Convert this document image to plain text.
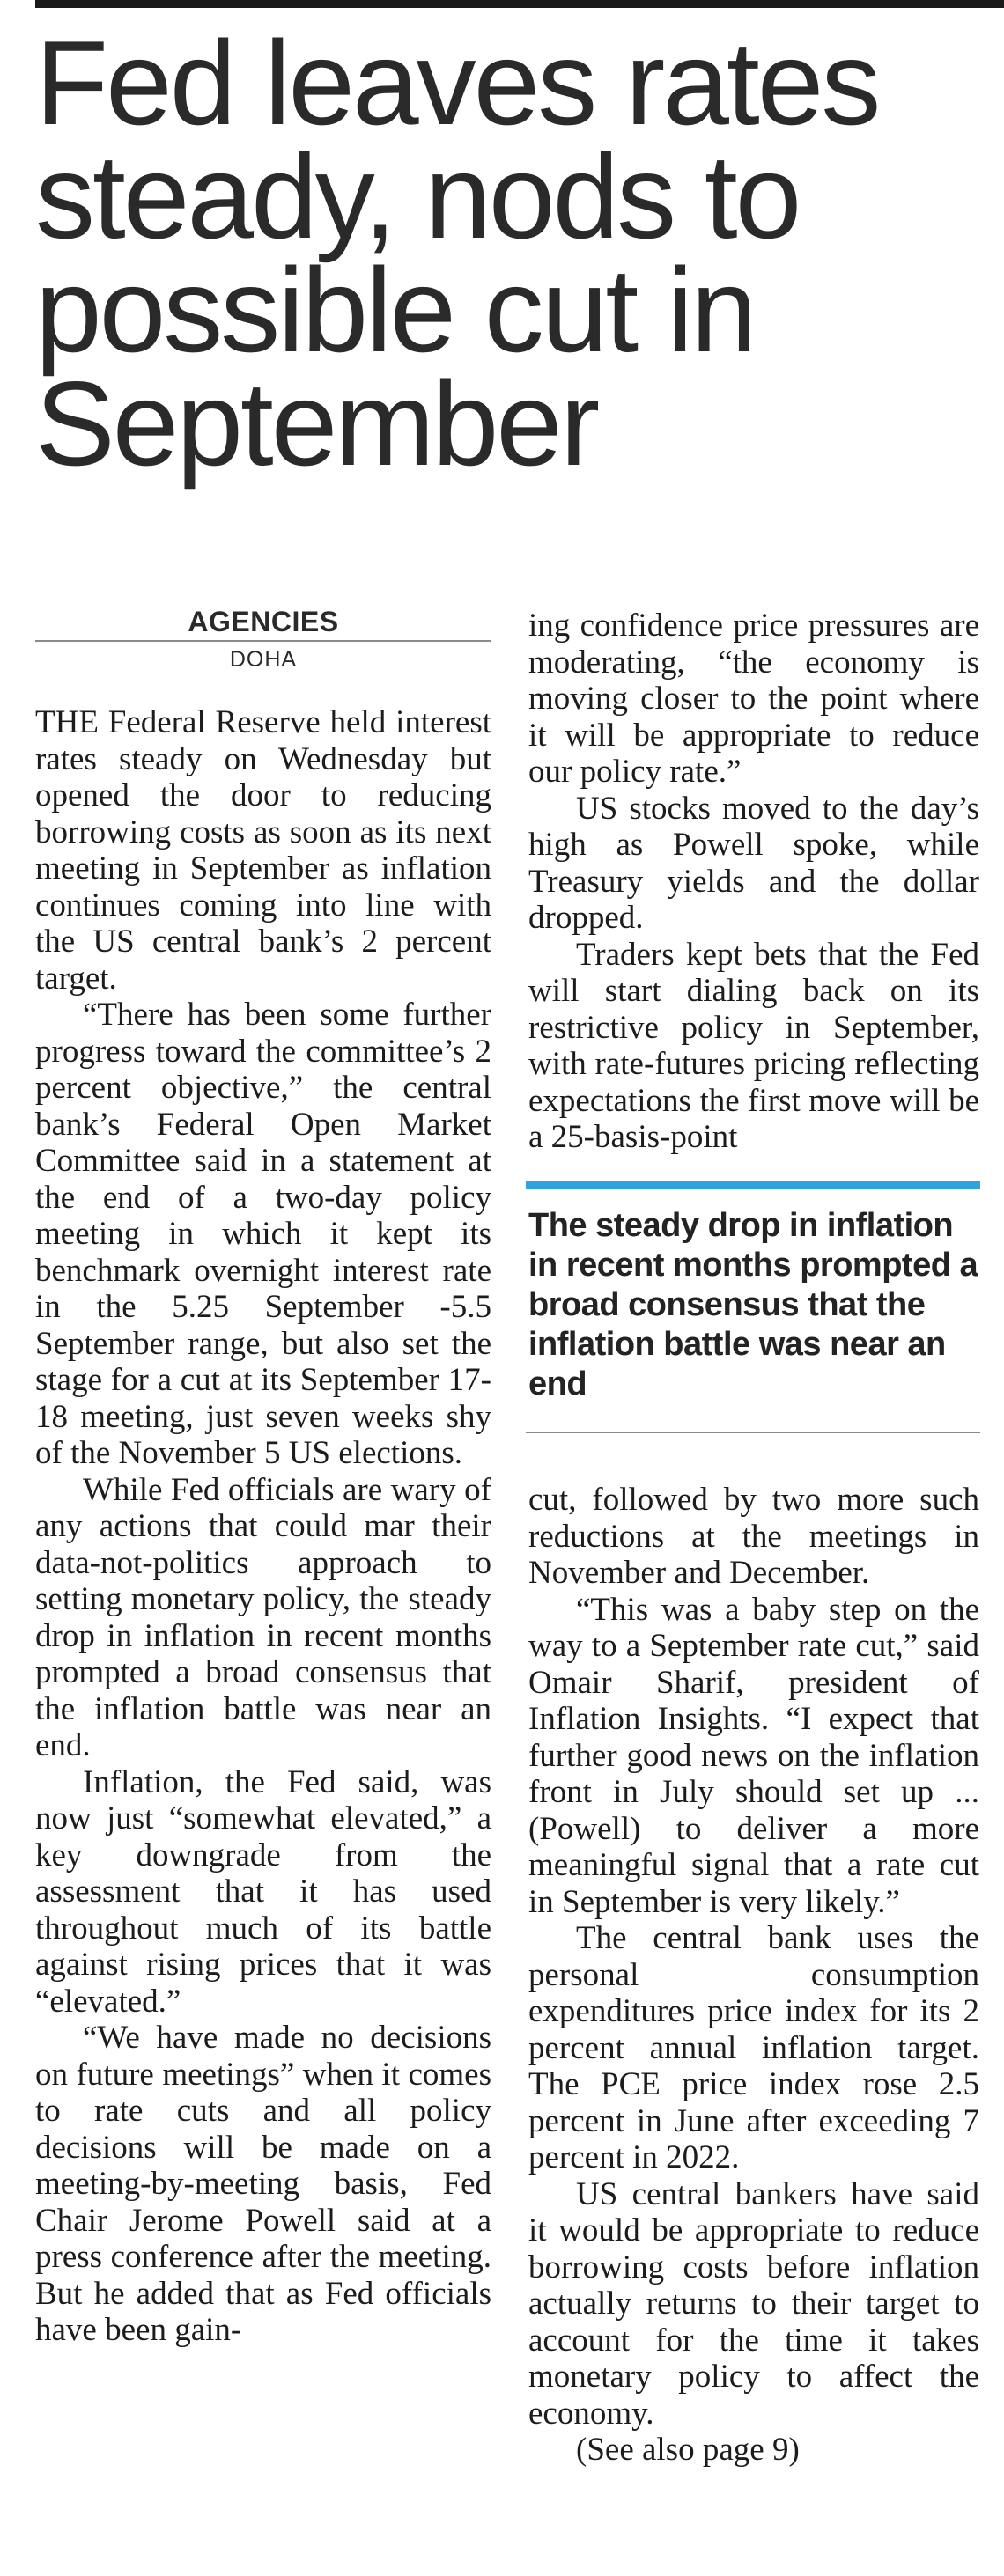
Fed leaves rates steady, nods to possible cut in September
AGENCIES
DOHA

THE Federal Reserve held interest rates steady on Wednesday but opened the door to reducing borrowing costs as soon as its next meeting in September as inflation continues coming into line with the US central bank’s 2 percent target.

“There has been some further progress toward the committee’s 2 percent objective,” the central bank’s Federal Open Market Committee said in a statement at the end of a two-day policy meeting in which it kept its benchmark overnight interest rate in the 5.25 September -5.5 September range, but also set the stage for a cut at its September 17-18 meeting, just seven weeks shy of the November 5 US elections.

While Fed officials are wary of any actions that could mar their data-not-politics approach to setting monetary policy, the steady drop in inflation in recent months prompted a broad consensus that the inflation battle was near an end.

Inflation, the Fed said, was now just “somewhat elevated,” a key downgrade from the assessment that it has used throughout much of its battle against rising prices that it was “elevated.”

“We have made no decisions on future meetings” when it comes to rate cuts and all policy decisions will be made on a meeting-by-meeting basis, Fed Chair Jerome Powell said at a press conference after the meeting. But he added that as Fed officials have been gain-

ing confidence price pressures are moderating, “the economy is moving closer to the point where it will be appropriate to reduce our policy rate.”

US stocks moved to the day’s high as Powell spoke, while Treasury yields and the dollar dropped.

Traders kept bets that the Fed will start dialing back on its restrictive policy in September, with rate-futures pricing reflecting expectations the first move will be a 25-basis-point

The steady drop in inflation in recent months prompted a broad consensus that the inflation battle was near an end

cut, followed by two more such reductions at the meetings in November and December.

“This was a baby step on the way to a September rate cut,” said Omair Sharif, president of Inflation Insights. “I expect that further good news on the inflation front in July should set up ... (Powell) to deliver a more meaningful signal that a rate cut in September is very likely.”

The central bank uses the personal consumption expenditures price index for its 2 percent annual inflation target. The PCE price index rose 2.5 percent in June after exceeding 7 percent in 2022.

US central bankers have said it would be appropriate to reduce borrowing costs before inflation actually returns to their target to account for the time it takes monetary policy to affect the economy.

(See also page 9)
